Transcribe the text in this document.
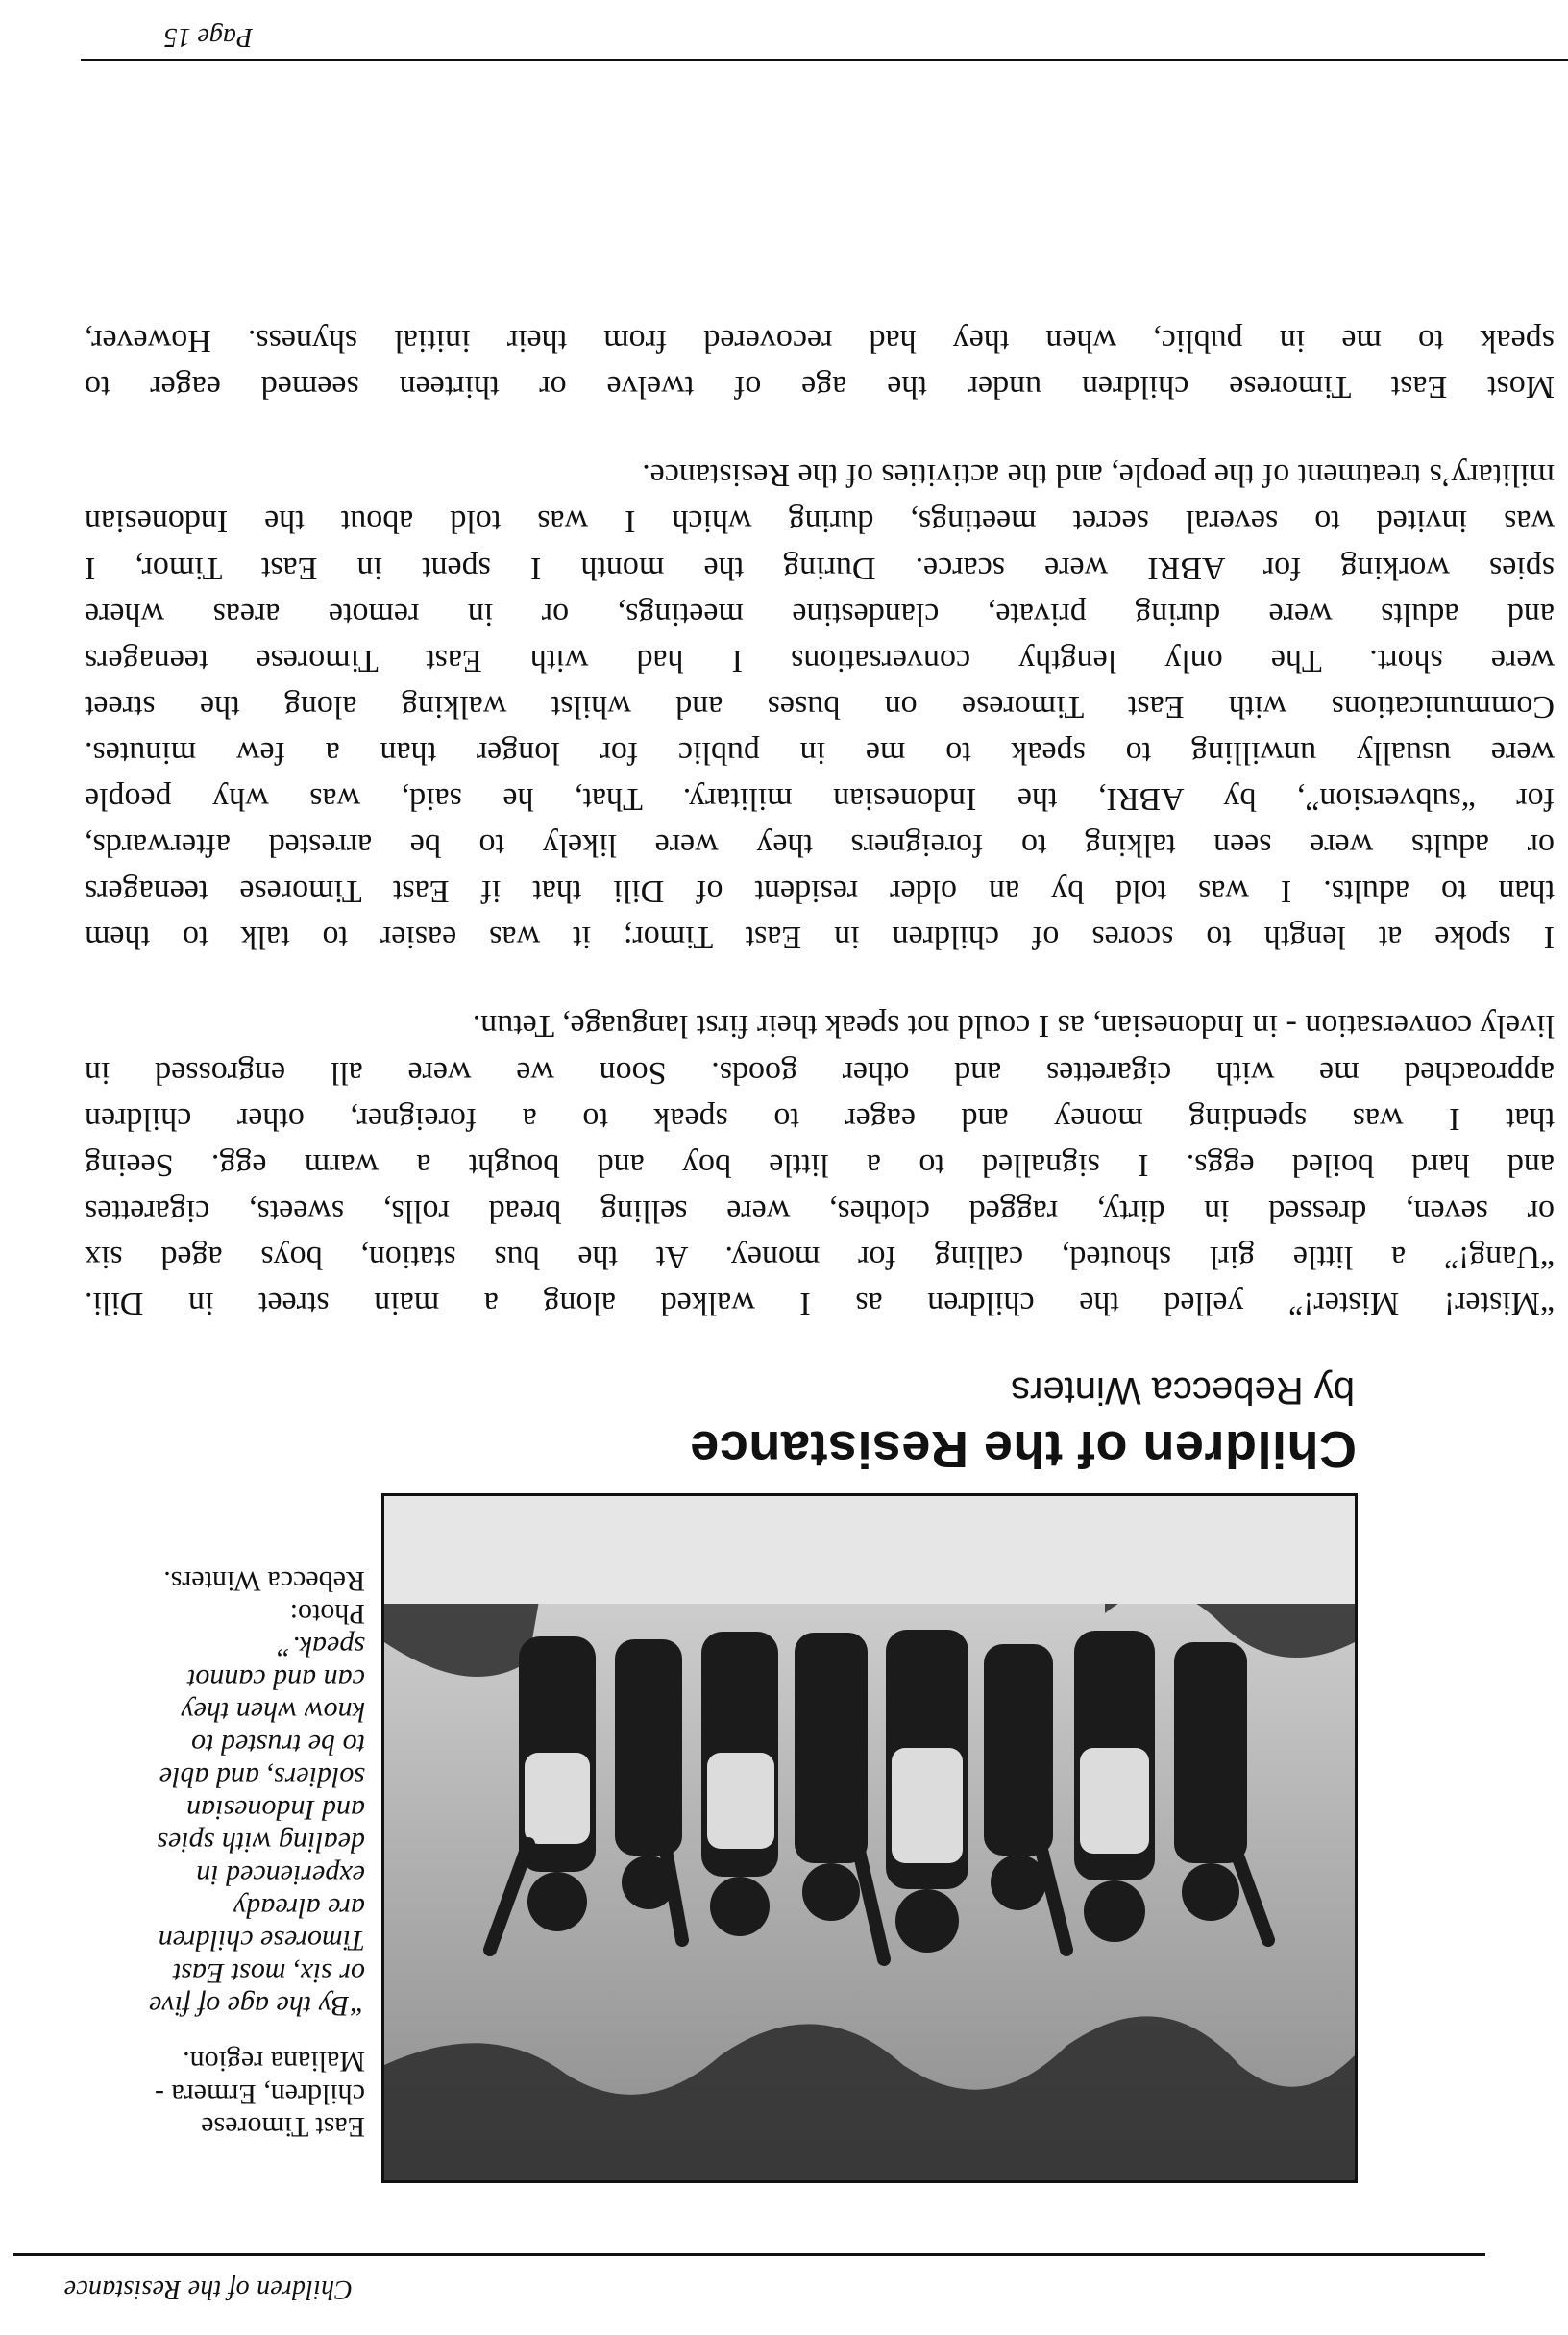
Children of the Resistance
East Timorese
children, Ermera -
Maliana region.
“By the age of five
or six, most East
Timorese children
are already
experienced in
dealing with spies
and Indonesian
soldiers, and able
to be trusted to
know when they
can and cannot
speak.”
Photo:
Rebecca Winters.
Children of the Resistance
by Rebecca Winters
“Mister! Mister!” yelled the children as I walked along a main street in Dili.
“Uang!” a little girl shouted, calling for money. At the bus station, boys aged six
or seven, dressed in dirty, ragged clothes, were selling bread rolls, sweets, cigarettes
and hard boiled eggs. I signalled to a little boy and bought a warm egg. Seeing
that I was spending money and eager to speak to a foreigner, other children
approached me with cigarettes and other goods. Soon we were all engrossed in
lively conversation - in Indonesian, as I could not speak their first language, Tetun.
I spoke at length to scores of children in East Timor; it was easier to talk to them
than to adults. I was told by an older resident of Dili that if East Timorese teenagers
or adults were seen talking to foreigners they were likely to be arrested afterwards,
for “subversion”, by ABRI, the Indonesian military. That, he said, was why people
were usually unwilling to speak to me in public for longer than a few minutes.
Communications with East Timorese on buses and whilst walking along the street
were short. The only lengthy conversations I had with East Timorese teenagers
and adults were during private, clandestine meetings, or in remote areas where
spies working for ABRI were scarce. During the month I spent in East Timor, I
was invited to several secret meetings, during which I was told about the Indonesian
military’s treatment of the people, and the activities of the Resistance.
Most East Timorese children under the age of twelve or thirteen seemed eager to
speak to me in public, when they had recovered from their initial shyness. However,
Page 15
